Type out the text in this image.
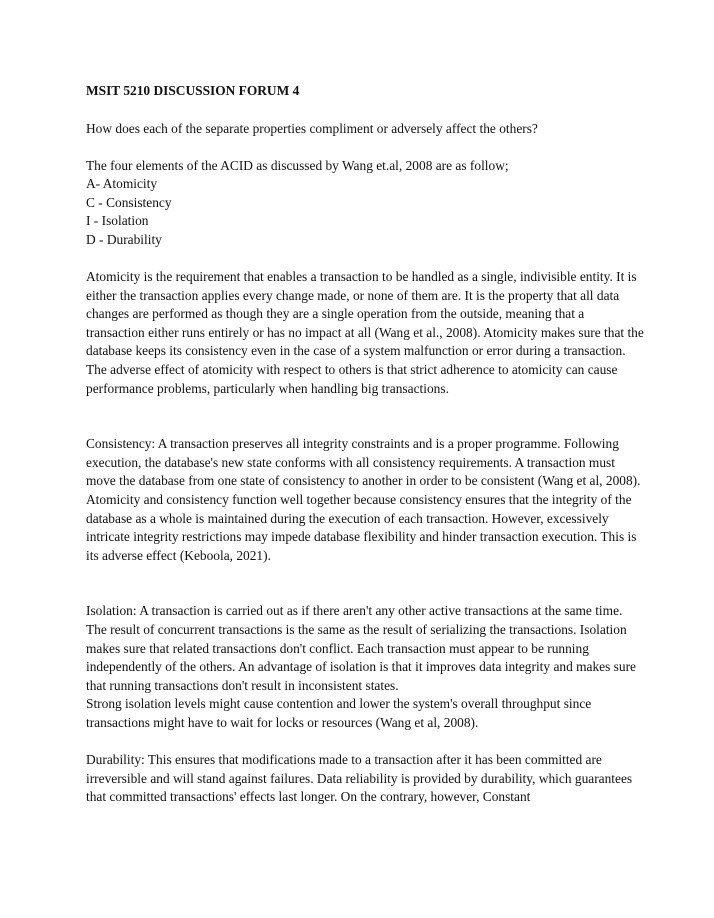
MSIT 5210 DISCUSSION FORUM 4

How does each of the separate properties compliment or adversely affect the others?

The four elements of the ACID as discussed by Wang et.al, 2008 are as follow;

A- Atomicity
C - Consistency
I - Isolation
D - Durability

Atomicity is the requirement that enables a transaction to be handled as a single, indivisible entity. It is either the transaction applies every change made, or none of them are. It is the property that all data changes are performed as though they are a single operation from the outside, meaning that a transaction either runs entirely or has no impact at all (Wang et al., 2008). Atomicity makes sure that the database keeps its consistency even in the case of a system malfunction or error during a transaction. The adverse effect of atomicity with respect to others is that strict adherence to atomicity can cause performance problems, particularly when handling big transactions.

Consistency: A transaction preserves all integrity constraints and is a proper programme. Following execution, the database's new state conforms with all consistency requirements. A transaction must move the database from one state of consistency to another in order to be consistent (Wang et al, 2008). Atomicity and consistency function well together because consistency ensures that the integrity of the database as a whole is maintained during the execution of each transaction. However, excessively intricate integrity restrictions may impede database flexibility and hinder transaction execution. This is its adverse effect (Keboola, 2021).

Isolation: A transaction is carried out as if there aren't any other active transactions at the same time. The result of concurrent transactions is the same as the result of serializing the transactions. Isolation makes sure that related transactions don't conflict. Each transaction must appear to be running independently of the others. An advantage of isolation is that it improves data integrity and makes sure that running transactions don't result in inconsistent states.

Strong isolation levels might cause contention and lower the system's overall throughput since transactions might have to wait for locks or resources (Wang et al, 2008).

Durability: This ensures that modifications made to a transaction after it has been committed are irreversible and will stand against failures. Data reliability is provided by durability, which guarantees that committed transactions' effects last longer. On the contrary, however, Constant
